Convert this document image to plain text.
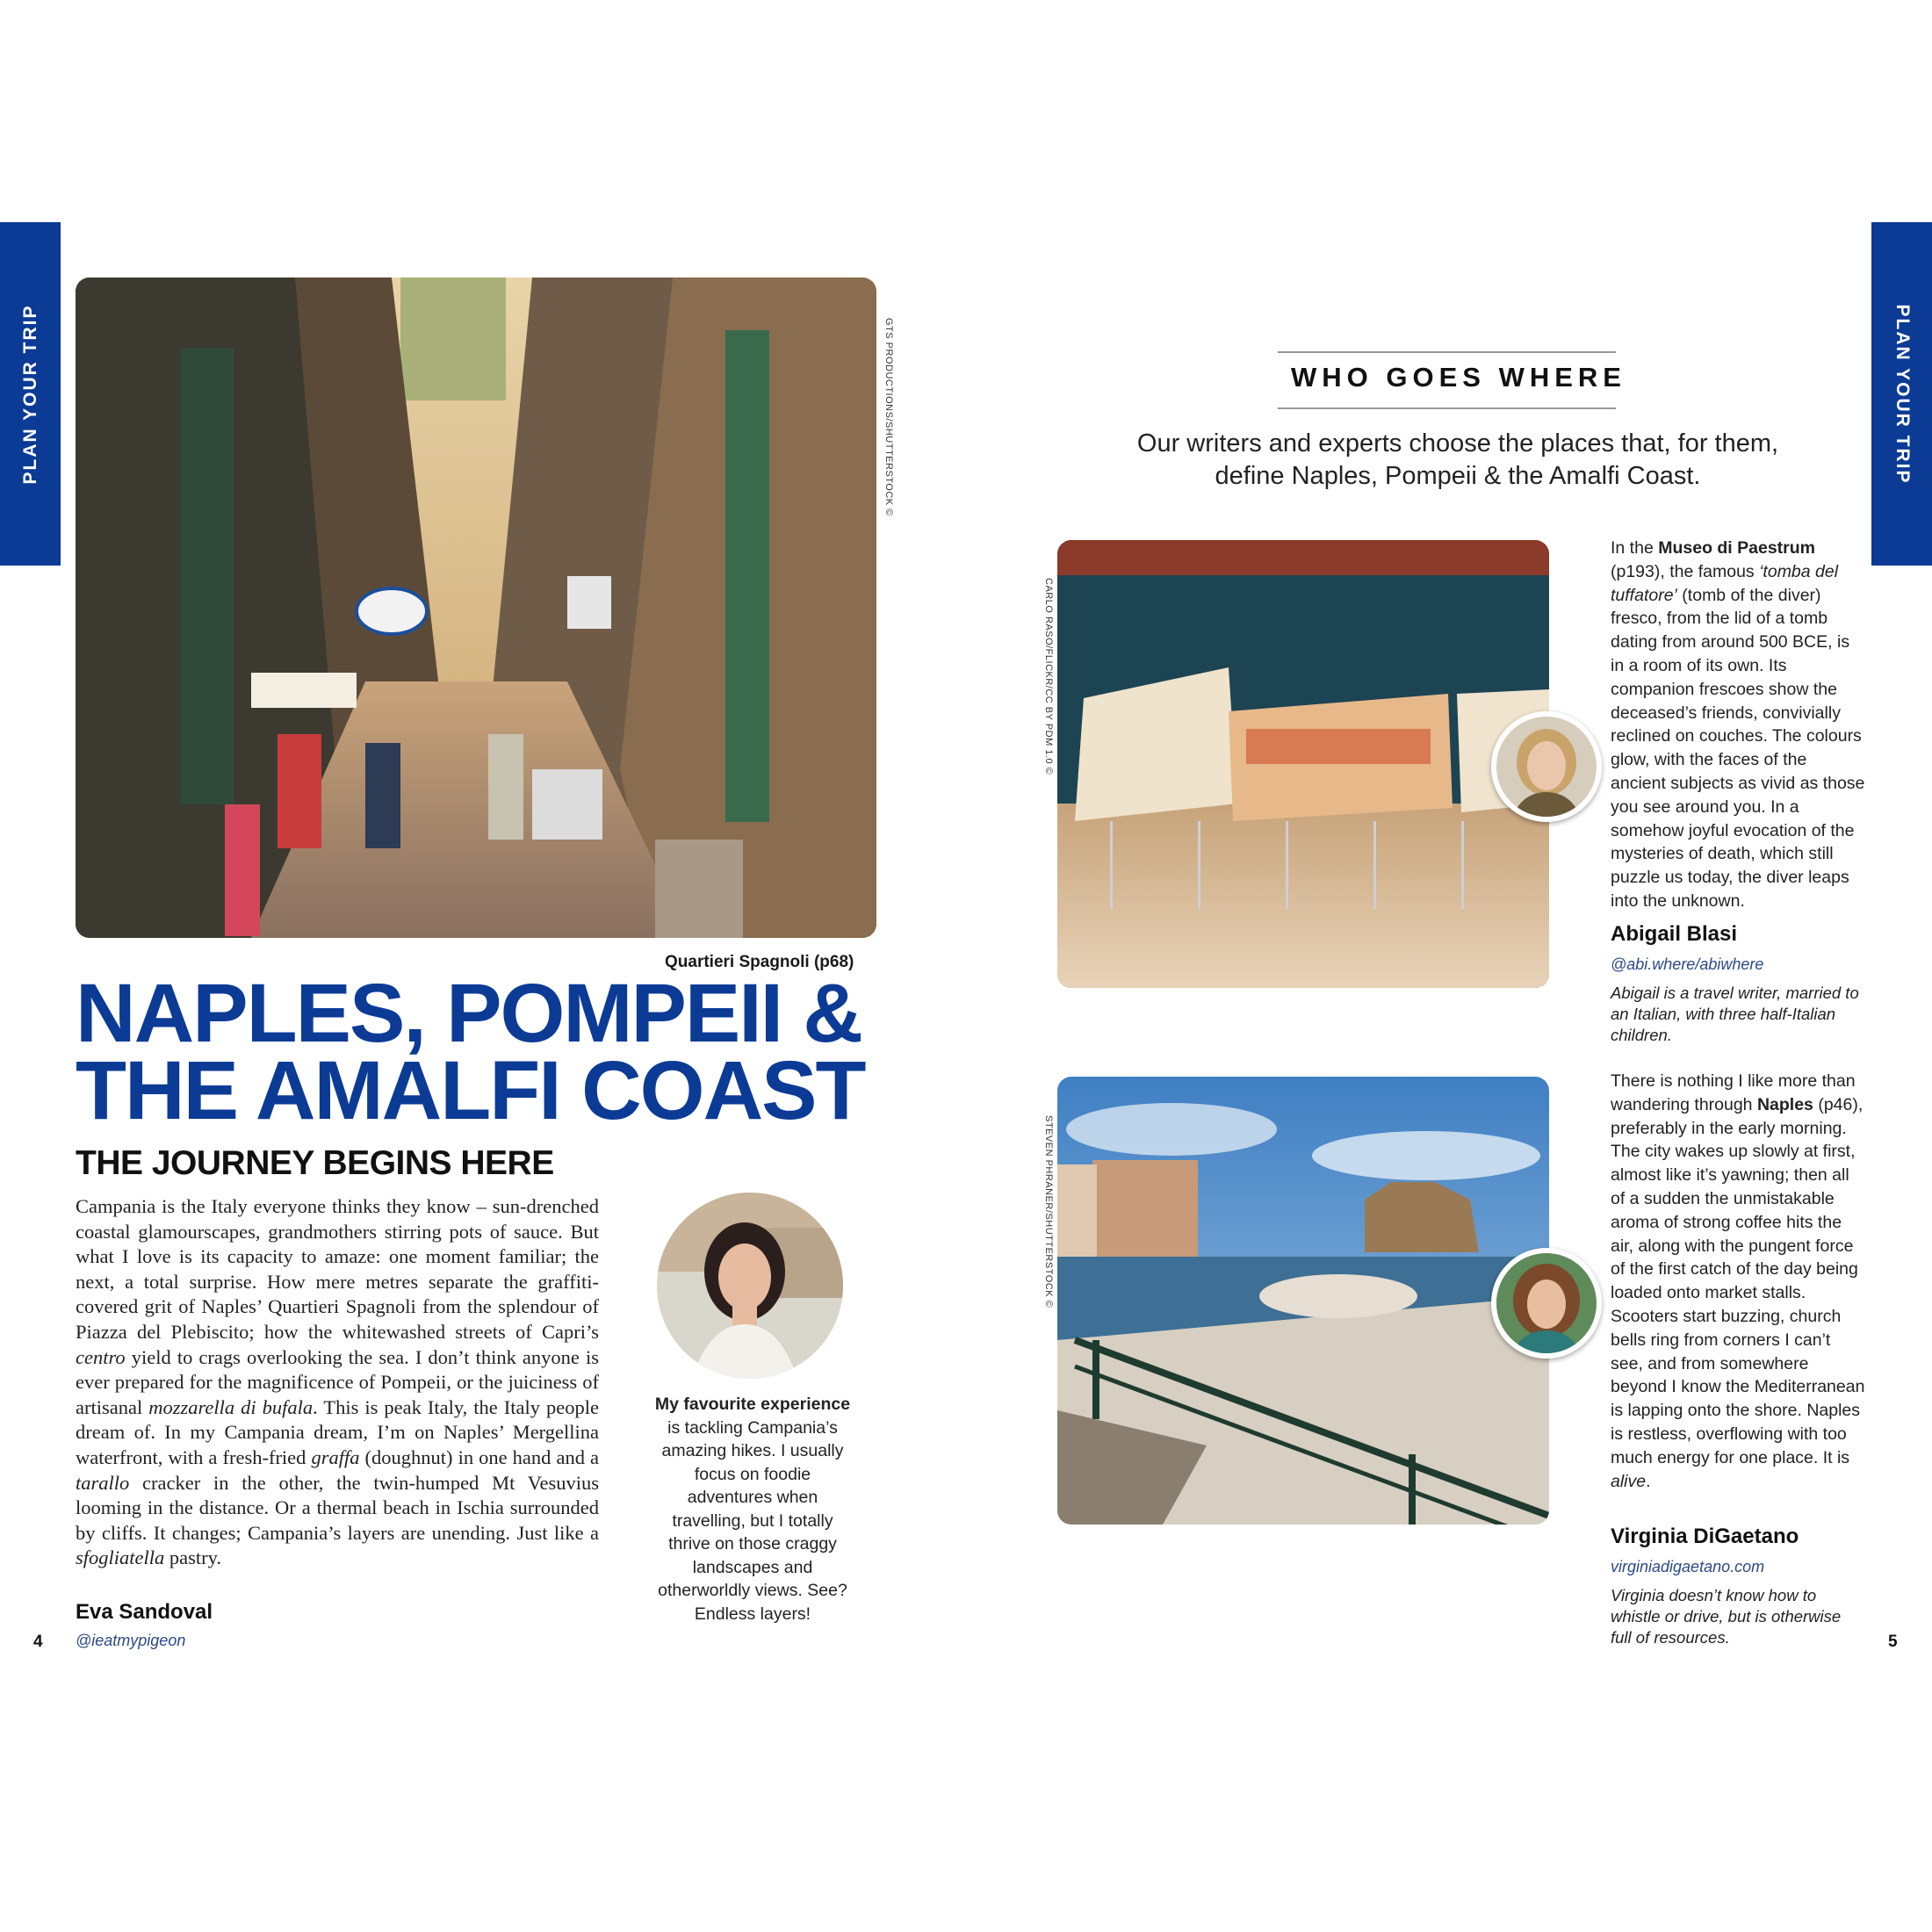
PLAN YOUR TRIP	GTS PRODUCTIONS/SHUTTERSTOCK ©
Quartieri Spagnoli (p68)
NAPLES, POMPEII &
THE AMALFI COAST
THE JOURNEY BEGINS HERE

Campania is the Italy everyone thinks they know – sun-drenched coastal glamourscapes, grandmothers stirring pots of sauce. But what I love is its capacity to amaze: one moment familiar; the next, a total surprise. How mere metres separate the graffiti-covered grit of Naples’ Quartieri Spagnoli from the splendour of Piazza del Plebiscito; how the whitewashed streets of Capri’s centro yield to crags overlooking the sea. I don’t think anyone is ever prepared for the magnificence of Pompeii, or the juiciness of artisanal mozzarella di bufala. This is peak Italy, the Italy people dream of. In my Campania dream, I’m on Naples’ Mergellina waterfront, with a fresh-fried graffa (doughnut) in one hand and a tarallo cracker in the other, the twin-humped Mt Vesuvius looming in the distance. Or a thermal beach in Ischia surrounded by cliffs. It changes; Campania’s layers are unending. Just like a sfogliatella pastry.

Eva Sandoval
@ieatmypigeon
My favourite experience is tackling Campania’s amazing hikes. I usually focus on foodie adventures when travelling, but I totally thrive on those craggy landscapes and otherworldly views. See? Endless layers!
4
PLAN YOUR TRIP
WHO GOES WHERE
Our writers and experts choose the places that, for them, define Naples, Pompeii & the Amalfi Coast.
CARLO RASO/FLICKR/CC BY PDM 1.0 ©
In the Museo di Paestrum (p193), the famous ‘tomba del tuffatore’ (tomb of the diver) fresco, from the lid of a tomb dating from around 500 BCE, is in a room of its own. Its companion frescoes show the deceased’s friends, convivially reclined on couches. The colours glow, with the faces of the ancient subjects as vivid as those you see around you. In a somehow joyful evocation of the mysteries of death, which still puzzle us today, the diver leaps into the unknown.
Abigail Blasi
@abi.where/abiwhere
Abigail is a travel writer, married to an Italian, with three half-Italian children.
STEVEN PHRANER/SHUTTERSTOCK ©
There is nothing I like more than wandering through Naples (p46), preferably in the early morning. The city wakes up slowly at first, almost like it’s yawning; then all of a sudden the unmistakable aroma of strong coffee hits the air, along with the pungent force of the first catch of the day being loaded onto market stalls. Scooters start buzzing, church bells ring from corners I can’t see, and from somewhere beyond I know the Mediterranean is lapping onto the shore. Naples is restless, overflowing with too much energy for one place. It is alive.
Virginia DiGaetano
virginiadigaetano.com
Virginia doesn’t know how to whistle or drive, but is otherwise full of resources.	5
